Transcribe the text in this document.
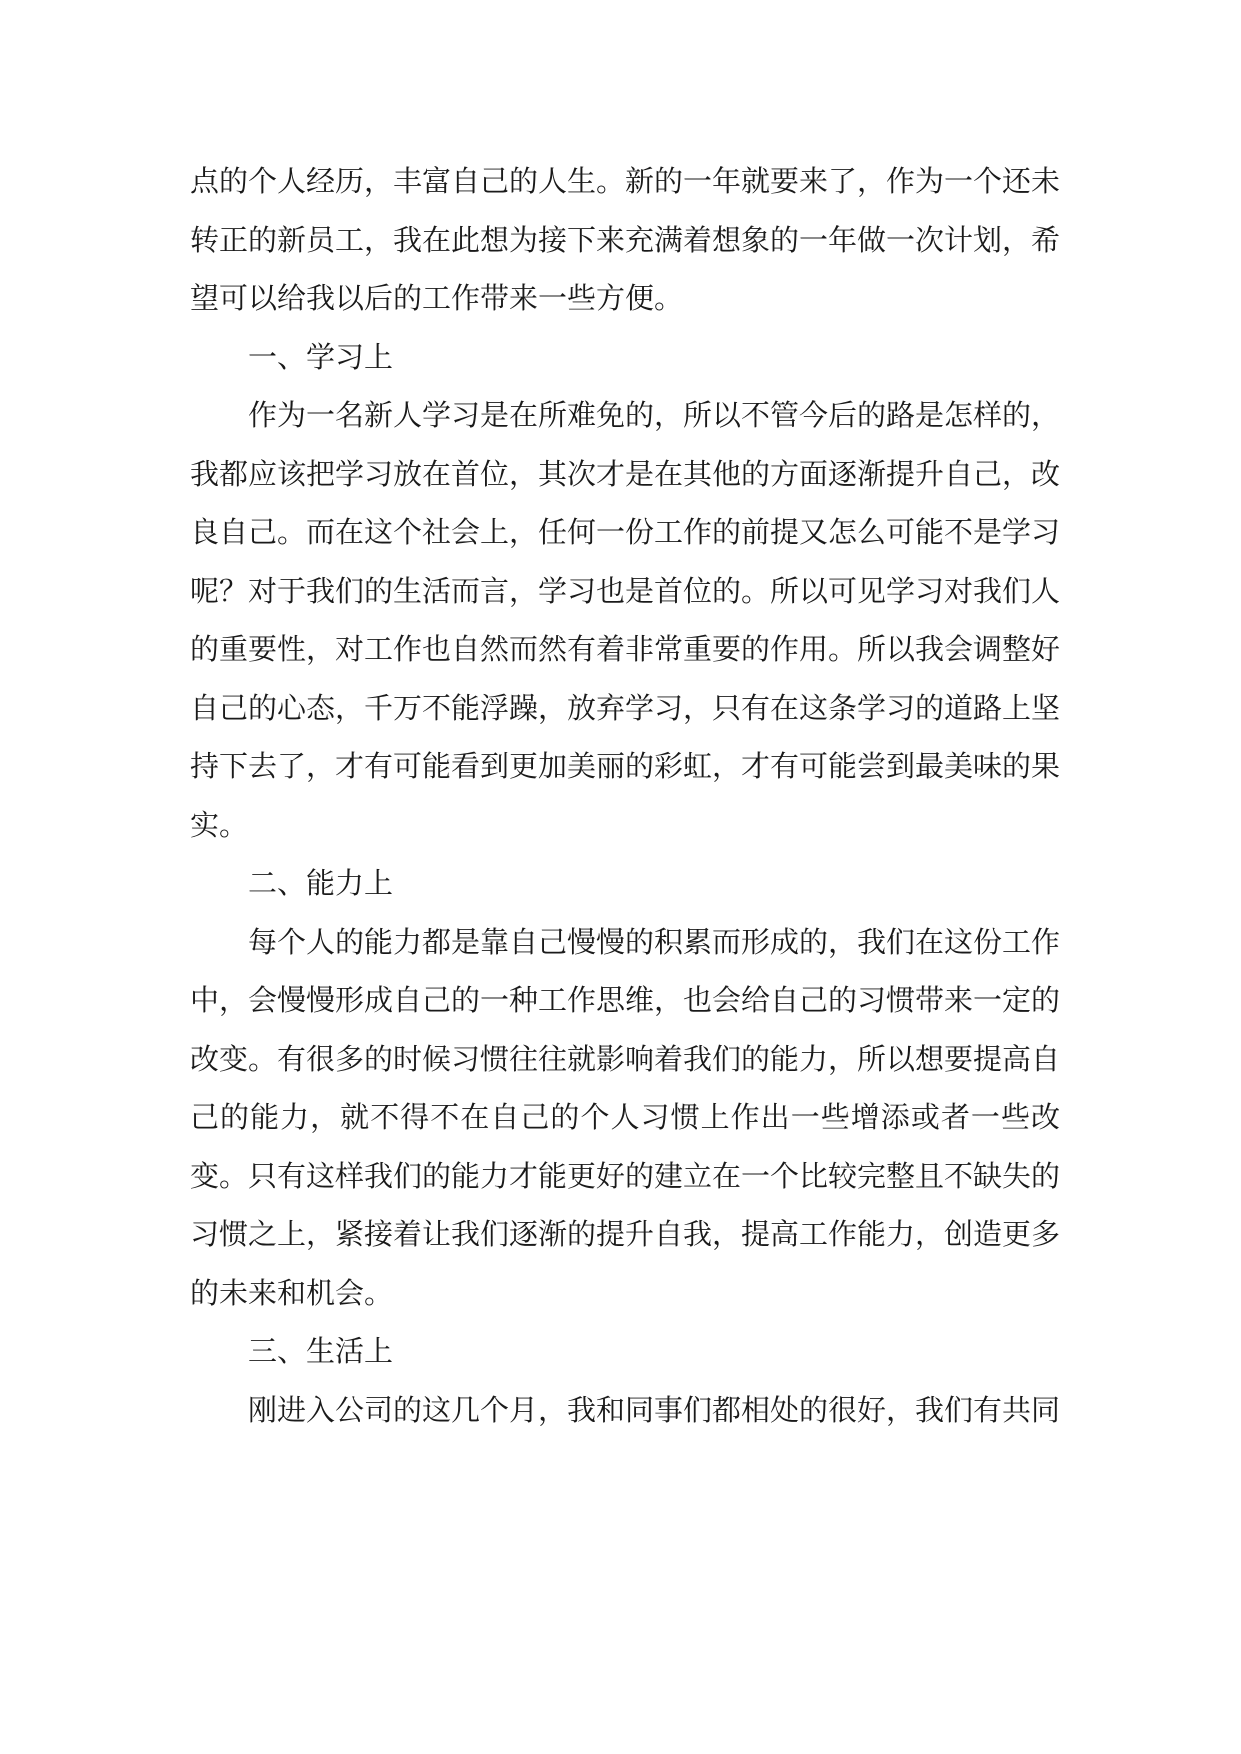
点的个人经历，丰富自己的人生。新的一年就要来了，作为一个还未转正的新员工，我在此想为接下来充满着想象的一年做一次计划，希望可以给我以后的工作带来一些方便。

一、学习上

作为一名新人学习是在所难免的，所以不管今后的路是怎样的，我都应该把学习放在首位，其次才是在其他的方面逐渐提升自己，改良自己。而在这个社会上，任何一份工作的前提又怎么可能不是学习呢？对于我们的生活而言，学习也是首位的。所以可见学习对我们人的重要性，对工作也自然而然有着非常重要的作用。所以我会调整好自己的心态，千万不能浮躁，放弃学习，只有在这条学习的道路上坚持下去了，才有可能看到更加美丽的彩虹，才有可能尝到最美味的果实。

二、能力上

每个人的能力都是靠自己慢慢的积累而形成的，我们在这份工作中，会慢慢形成自己的一种工作思维，也会给自己的习惯带来一定的改变。有很多的时候习惯往往就影响着我们的能力，所以想要提高自己的能力，就不得不在自己的个人习惯上作出一些增添或者一些改变。只有这样我们的能力才能更好的建立在一个比较完整且不缺失的习惯之上，紧接着让我们逐渐的提升自我，提高工作能力，创造更多的未来和机会。

三、生活上

刚进入公司的这几个月，我和同事们都相处的很好，我们有共同
